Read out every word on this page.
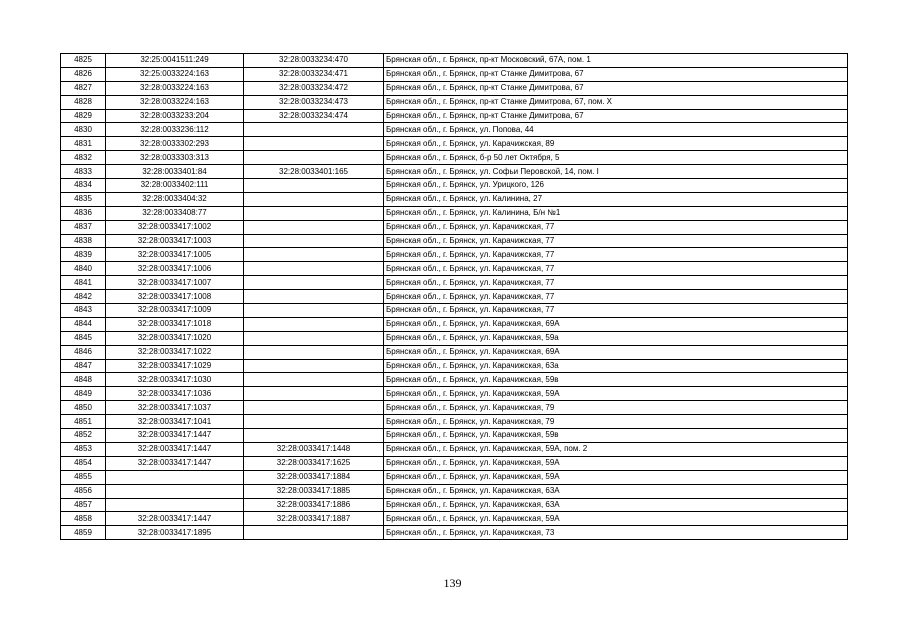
4825	32:25:0041511:249	32:28:0033234:470	Брянская обл., г. Брянск, пр-кт Московский, 67А, пом. 1
4826	32:25:0033224:163	32:28:0033234:471	Брянская обл., г. Брянск, пр-кт Станке Димитрова, 67
4827	32:28:0033224:163	32:28:0033234:472	Брянская обл., г. Брянск, пр-кт Станке Димитрова, 67
4828	32:28:0033224:163	32:28:0033234:473	Брянская обл., г. Брянск, пр-кт Станке Димитрова, 67, пом. Х
4829	32:28:0033233:204	32:28:0033234:474	Брянская обл., г. Брянск, пр-кт Станке Димитрова, 67
4830	32:28:0033236:112		Брянская обл., г. Брянск, ул. Попова, 44
4831	32:28:0033302:293		Брянская обл., г. Брянск, ул. Карачижская, 89
4832	32:28:0033303:313		Брянская обл., г. Брянск, б-р 50 лет Октября, 5
4833	32:28:0033401:84	32:28:0033401:165	Брянская обл., г. Брянск, ул. Софьи Перовской, 14, пом. I
4834	32:28:0033402:111		Брянская обл., г. Брянск, ул. Урицкого, 126
4835	32:28:0033404:32		Брянская обл., г. Брянск, ул. Калинина, 27
4836	32:28:0033408:77		Брянская обл., г. Брянск, ул. Калинина, Б/н №1
4837	32:28:0033417:1002		Брянская обл., г. Брянск, ул. Карачижская, 77
4838	32:28:0033417:1003		Брянская обл., г. Брянск, ул. Карачижская, 77
4839	32:28:0033417:1005		Брянская обл., г. Брянск, ул. Карачижская, 77
4840	32:28:0033417:1006		Брянская обл., г. Брянск, ул. Карачижская, 77
4841	32:28:0033417:1007		Брянская обл., г. Брянск, ул. Карачижская, 77
4842	32:28:0033417:1008		Брянская обл., г. Брянск, ул. Карачижская, 77
4843	32:28:0033417:1009		Брянская обл., г. Брянск, ул. Карачижская, 77
4844	32:28:0033417:1018		Брянская обл., г. Брянск, ул. Карачижская, 69А
4845	32:28:0033417:1020		Брянская обл., г. Брянск, ул. Карачижская, 59а
4846	32:28:0033417:1022		Брянская обл., г. Брянск, ул. Карачижская, 69А
4847	32:28:0033417:1029		Брянская обл., г. Брянск, ул. Карачижская, 63а
4848	32:28:0033417:1030		Брянская обл., г. Брянск, ул. Карачижская, 59в
4849	32:28:0033417:1036		Брянская обл., г. Брянск, ул. Карачижская, 59А
4850	32:28:0033417:1037		Брянская обл., г. Брянск, ул. Карачижская, 79
4851	32:28:0033417:1041		Брянская обл., г. Брянск, ул. Карачижская, 79
4852	32:28:0033417:1447		Брянская обл., г. Брянск, ул. Карачижская, 59в
4853	32:28:0033417:1447	32:28:0033417:1448	Брянская обл., г. Брянск, ул. Карачижская, 59А, пом. 2
4854	32:28:0033417:1447	32:28:0033417:1625	Брянская обл., г. Брянск, ул. Карачижская, 59А
4855		32:28:0033417:1884	Брянская обл., г. Брянск, ул. Карачижская, 59А
4856		32:28:0033417:1885	Брянская обл., г. Брянск, ул. Карачижская, 63А
4857		32:28:0033417:1886	Брянская обл., г. Брянск, ул. Карачижская, 63А
4858	32:28:0033417:1447	32:28:0033417:1887	Брянская обл., г. Брянск, ул. Карачижская, 59А
4859	32:28:0033417:1895		Брянская обл., г. Брянск, ул. Карачижская, 73
139
